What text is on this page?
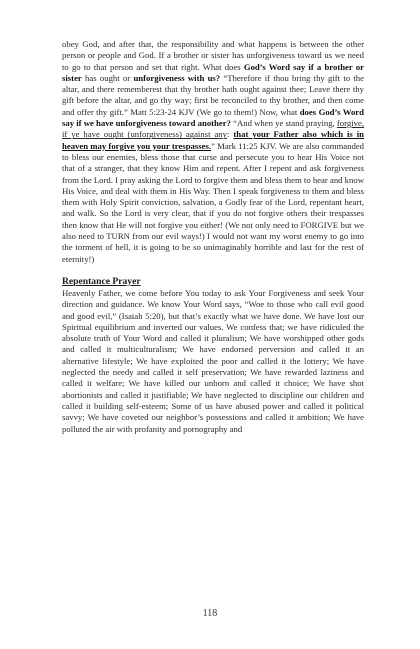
obey God, and after that, the responsibility and what happens is between the other person or people and God. If a brother or sister has unforgiveness toward us we need to go to that person and set that right. What does God’s Word say if a brother or sister has ought or unforgiveness with us? “Therefore if thou bring thy gift to the altar, and there rememberest that thy brother hath ought against thee; Leave there thy gift before the altar, and go thy way; first be reconciled to thy brother, and then come and offer thy gift.” Matt 5:23-24 KJV (We go to them!) Now, what does God’s Word say if we have unforgiveness toward another? “And when ye stand praying, forgive, if ye have ought (unforgiveness) against any: that your Father also which is in heaven may forgive you your trespasses.” Mark 11:25 KJV. We are also commanded to bless our enemies, bless those that curse and persecute you to hear His Voice not that of a stranger, that they know Him and repent. After I repent and ask forgiveness from the Lord. I pray asking the Lord to forgive them and bless them to hear and know His Voice, and deal with them in His Way. Then I speak forgiveness to them and bless them with Holy Spirit conviction, salvation, a Godly fear of the Lord, repentant heart, and walk. So the Lord is very clear, that if you do not forgive others their trespasses then know that He will not forgive you either! (We not only need to FORGIVE but we also need to TURN from our evil ways!) I would not want my worst enemy to go into the torment of hell, it is going to be so unimaginably horrible and last for the rest of eternity!)

Repentance Prayer

Heavenly Father, we come before You today to ask Your Forgiveness and seek Your direction and guidance. We know Your Word says, “Woe to those who call evil good and good evil,” (Isaiah 5:20), but that’s exactly what we have done. We have lost our Spiritual equilibrium and inverted our values. We confess that; we have ridiculed the absolute truth of Your Word and called it pluralism; We have worshipped other gods and called it multiculturalism; We have endorsed perversion and called it an alternative lifestyle; We have exploited the poor and called it the lottery; We have neglected the needy and called it self preservation; We have rewarded laziness and called it welfare; We have killed our unborn and called it choice; We have shot abortionists and called it justifiable; We have neglected to discipline our children and called it building self-esteem; Some of us have abused power and called it political savvy; We have coveted our neighbor’s possessions and called it ambition; We have polluted the air with profanity and pornography and

118
